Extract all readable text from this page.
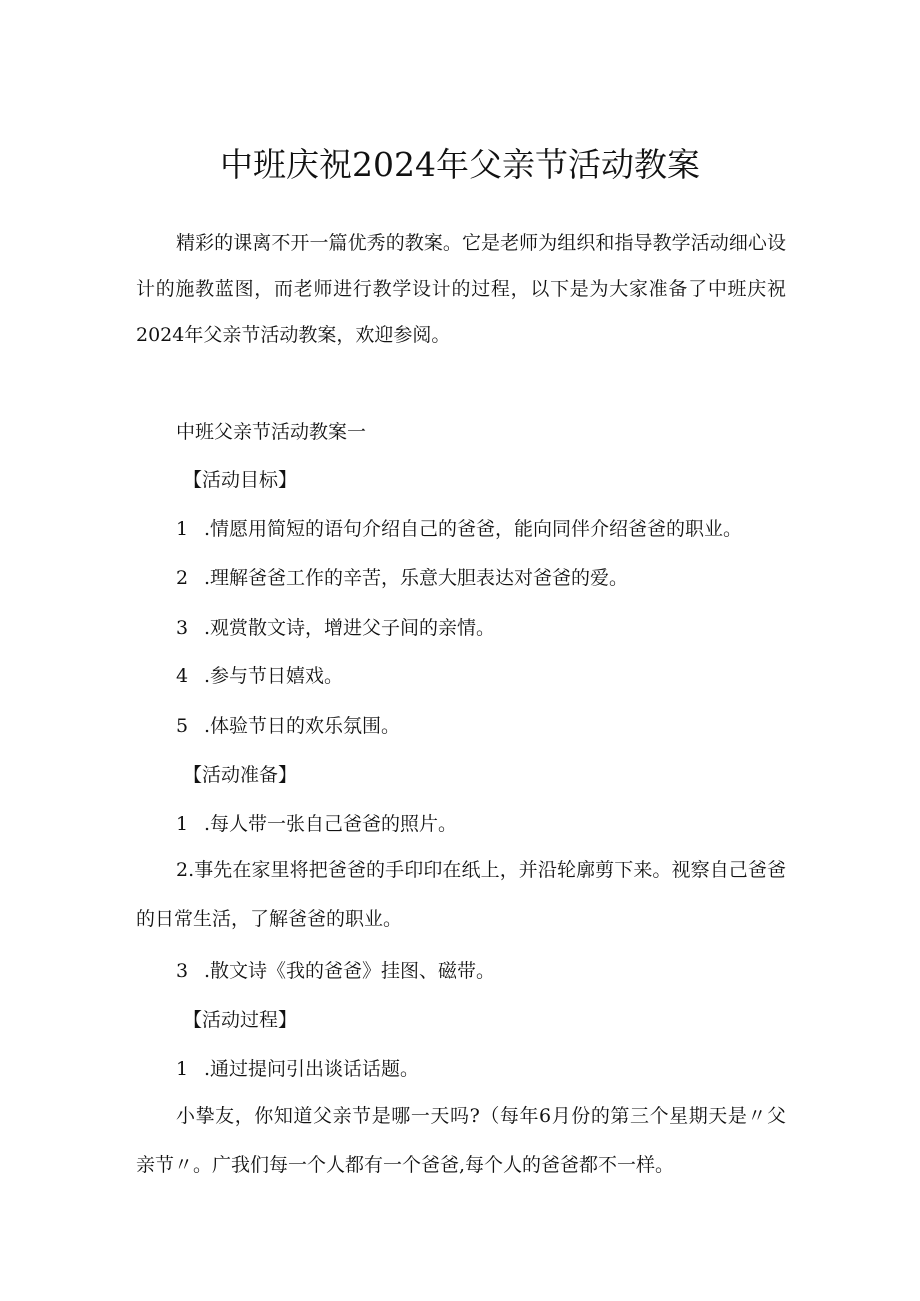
中班庆祝2024年父亲节活动教案

精彩的课离不开一篇优秀的教案。它是老师为组织和指导教学活动细心设计的施教蓝图，而老师进行教学设计的过程，以下是为大家准备了中班庆祝2024年父亲节活动教案，欢迎参阅。

中班父亲节活动教案一

【活动目标】

1 .情愿用简短的语句介绍自己的爸爸，能向同伴介绍爸爸的职业。

2 .理解爸爸工作的辛苦，乐意大胆表达对爸爸的爱。

3 .观赏散文诗，增进父子间的亲情。

4 .参与节日嬉戏。

5 .体验节日的欢乐氛围。

【活动准备】

1 .每人带一张自己爸爸的照片。

2.事先在家里将把爸爸的手印印在纸上，并沿轮廓剪下来。视察自己爸爸的日常生活，了解爸爸的职业。

3 .散文诗《我的爸爸》挂图、磁带。

【活动过程】

1 .通过提问引出谈话话题。

小挚友，你知道父亲节是哪一天吗?（每年6月份的第三个星期天是〃父亲节〃。广我们每一个人都有一个爸爸,每个人的爸爸都不一样。
